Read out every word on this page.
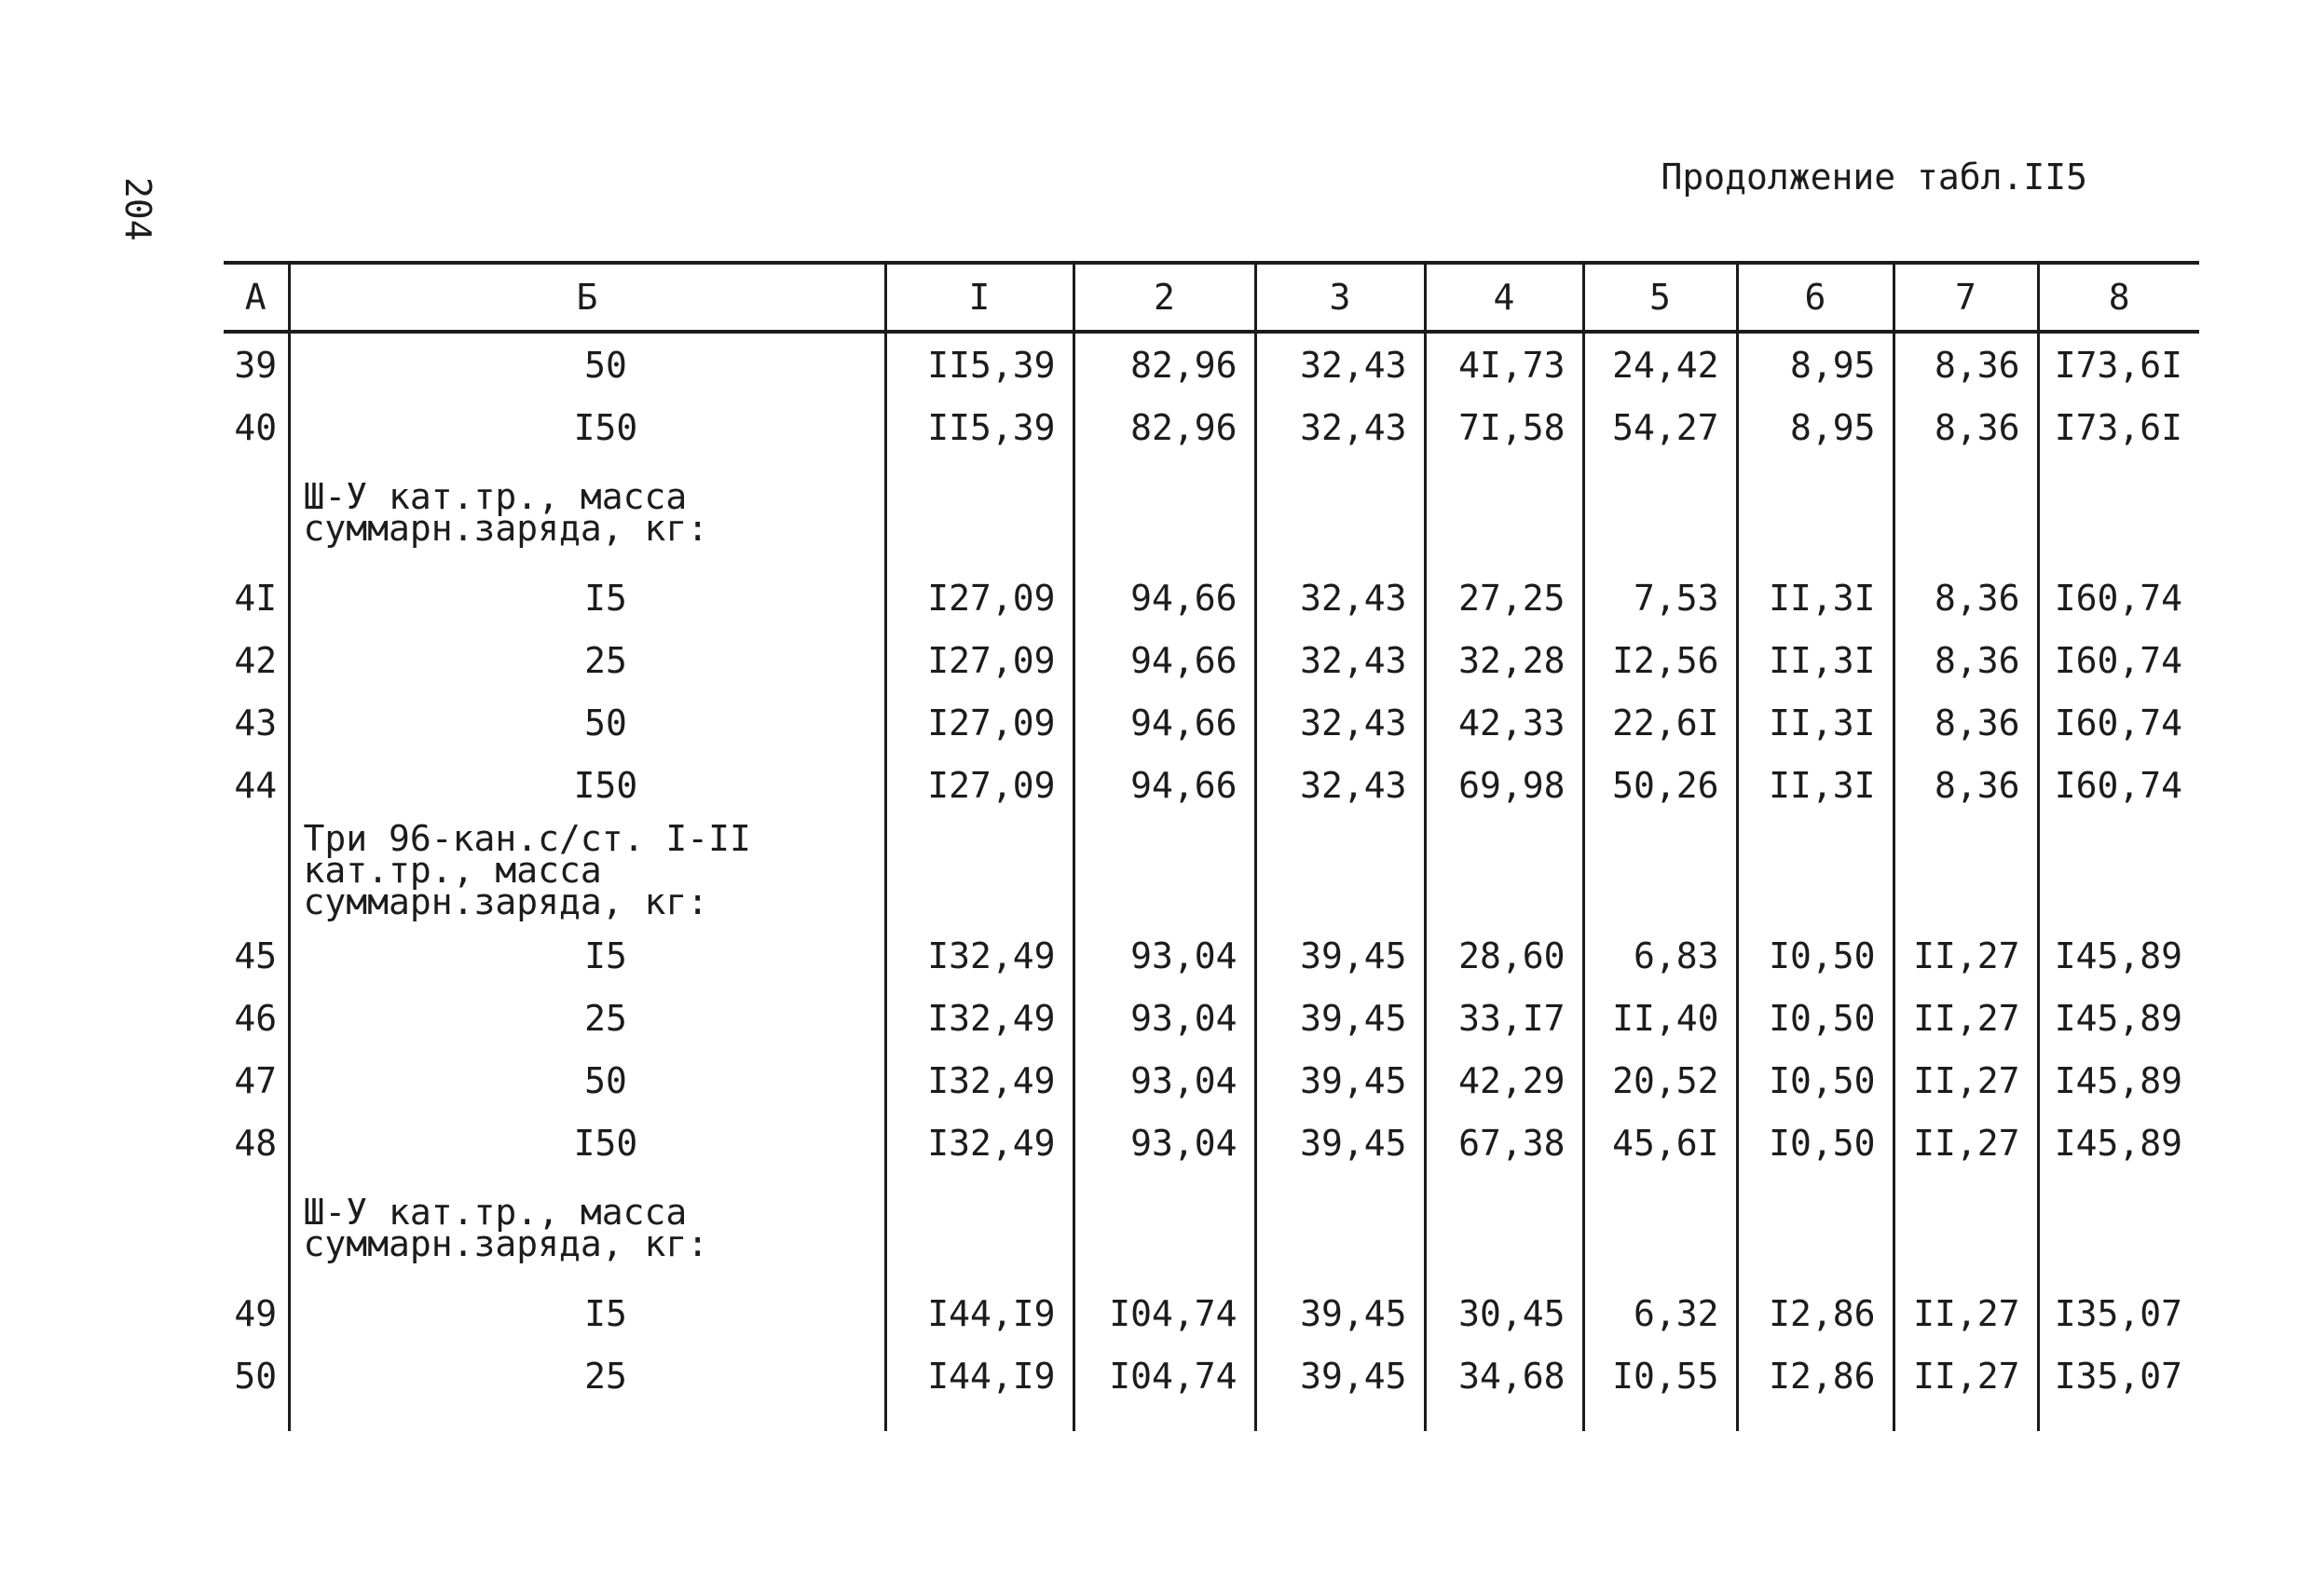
204	Продолжение табл.II5
А	Б	I	2	3	4	5	6	7	8
39	50	II5,39	82,96	32,43	4I,73	24,42	8,95	8,36	I73,6I
40	I50	II5,39	82,96	32,43	7I,58	54,27	8,95	8,36	I73,6I
	Ш-У кат.тр., масса суммарн.заряда, кг:								
4I	I5	I27,09	94,66	32,43	27,25	7,53	II,3I	8,36	I60,74
42	25	I27,09	94,66	32,43	32,28	I2,56	II,3I	8,36	I60,74
43	50	I27,09	94,66	32,43	42,33	22,6I	II,3I	8,36	I60,74
44	I50	I27,09	94,66	32,43	69,98	50,26	II,3I	8,36	I60,74
	Три 96-кан.с/ст. I-II кат.тр., масса суммарн.заряда, кг:								
45	I5	I32,49	93,04	39,45	28,60	6,83	I0,50	II,27	I45,89
46	25	I32,49	93,04	39,45	33,I7	II,40	I0,50	II,27	I45,89
47	50	I32,49	93,04	39,45	42,29	20,52	I0,50	II,27	I45,89
48	I50	I32,49	93,04	39,45	67,38	45,6I	I0,50	II,27	I45,89
	Ш-У кат.тр., масса суммарн.заряда, кг:								
49	I5	I44,I9	I04,74	39,45	30,45	6,32	I2,86	II,27	I35,07
50	25	I44,I9	I04,74	39,45	34,68	I0,55	I2,86	II,27	I35,07
